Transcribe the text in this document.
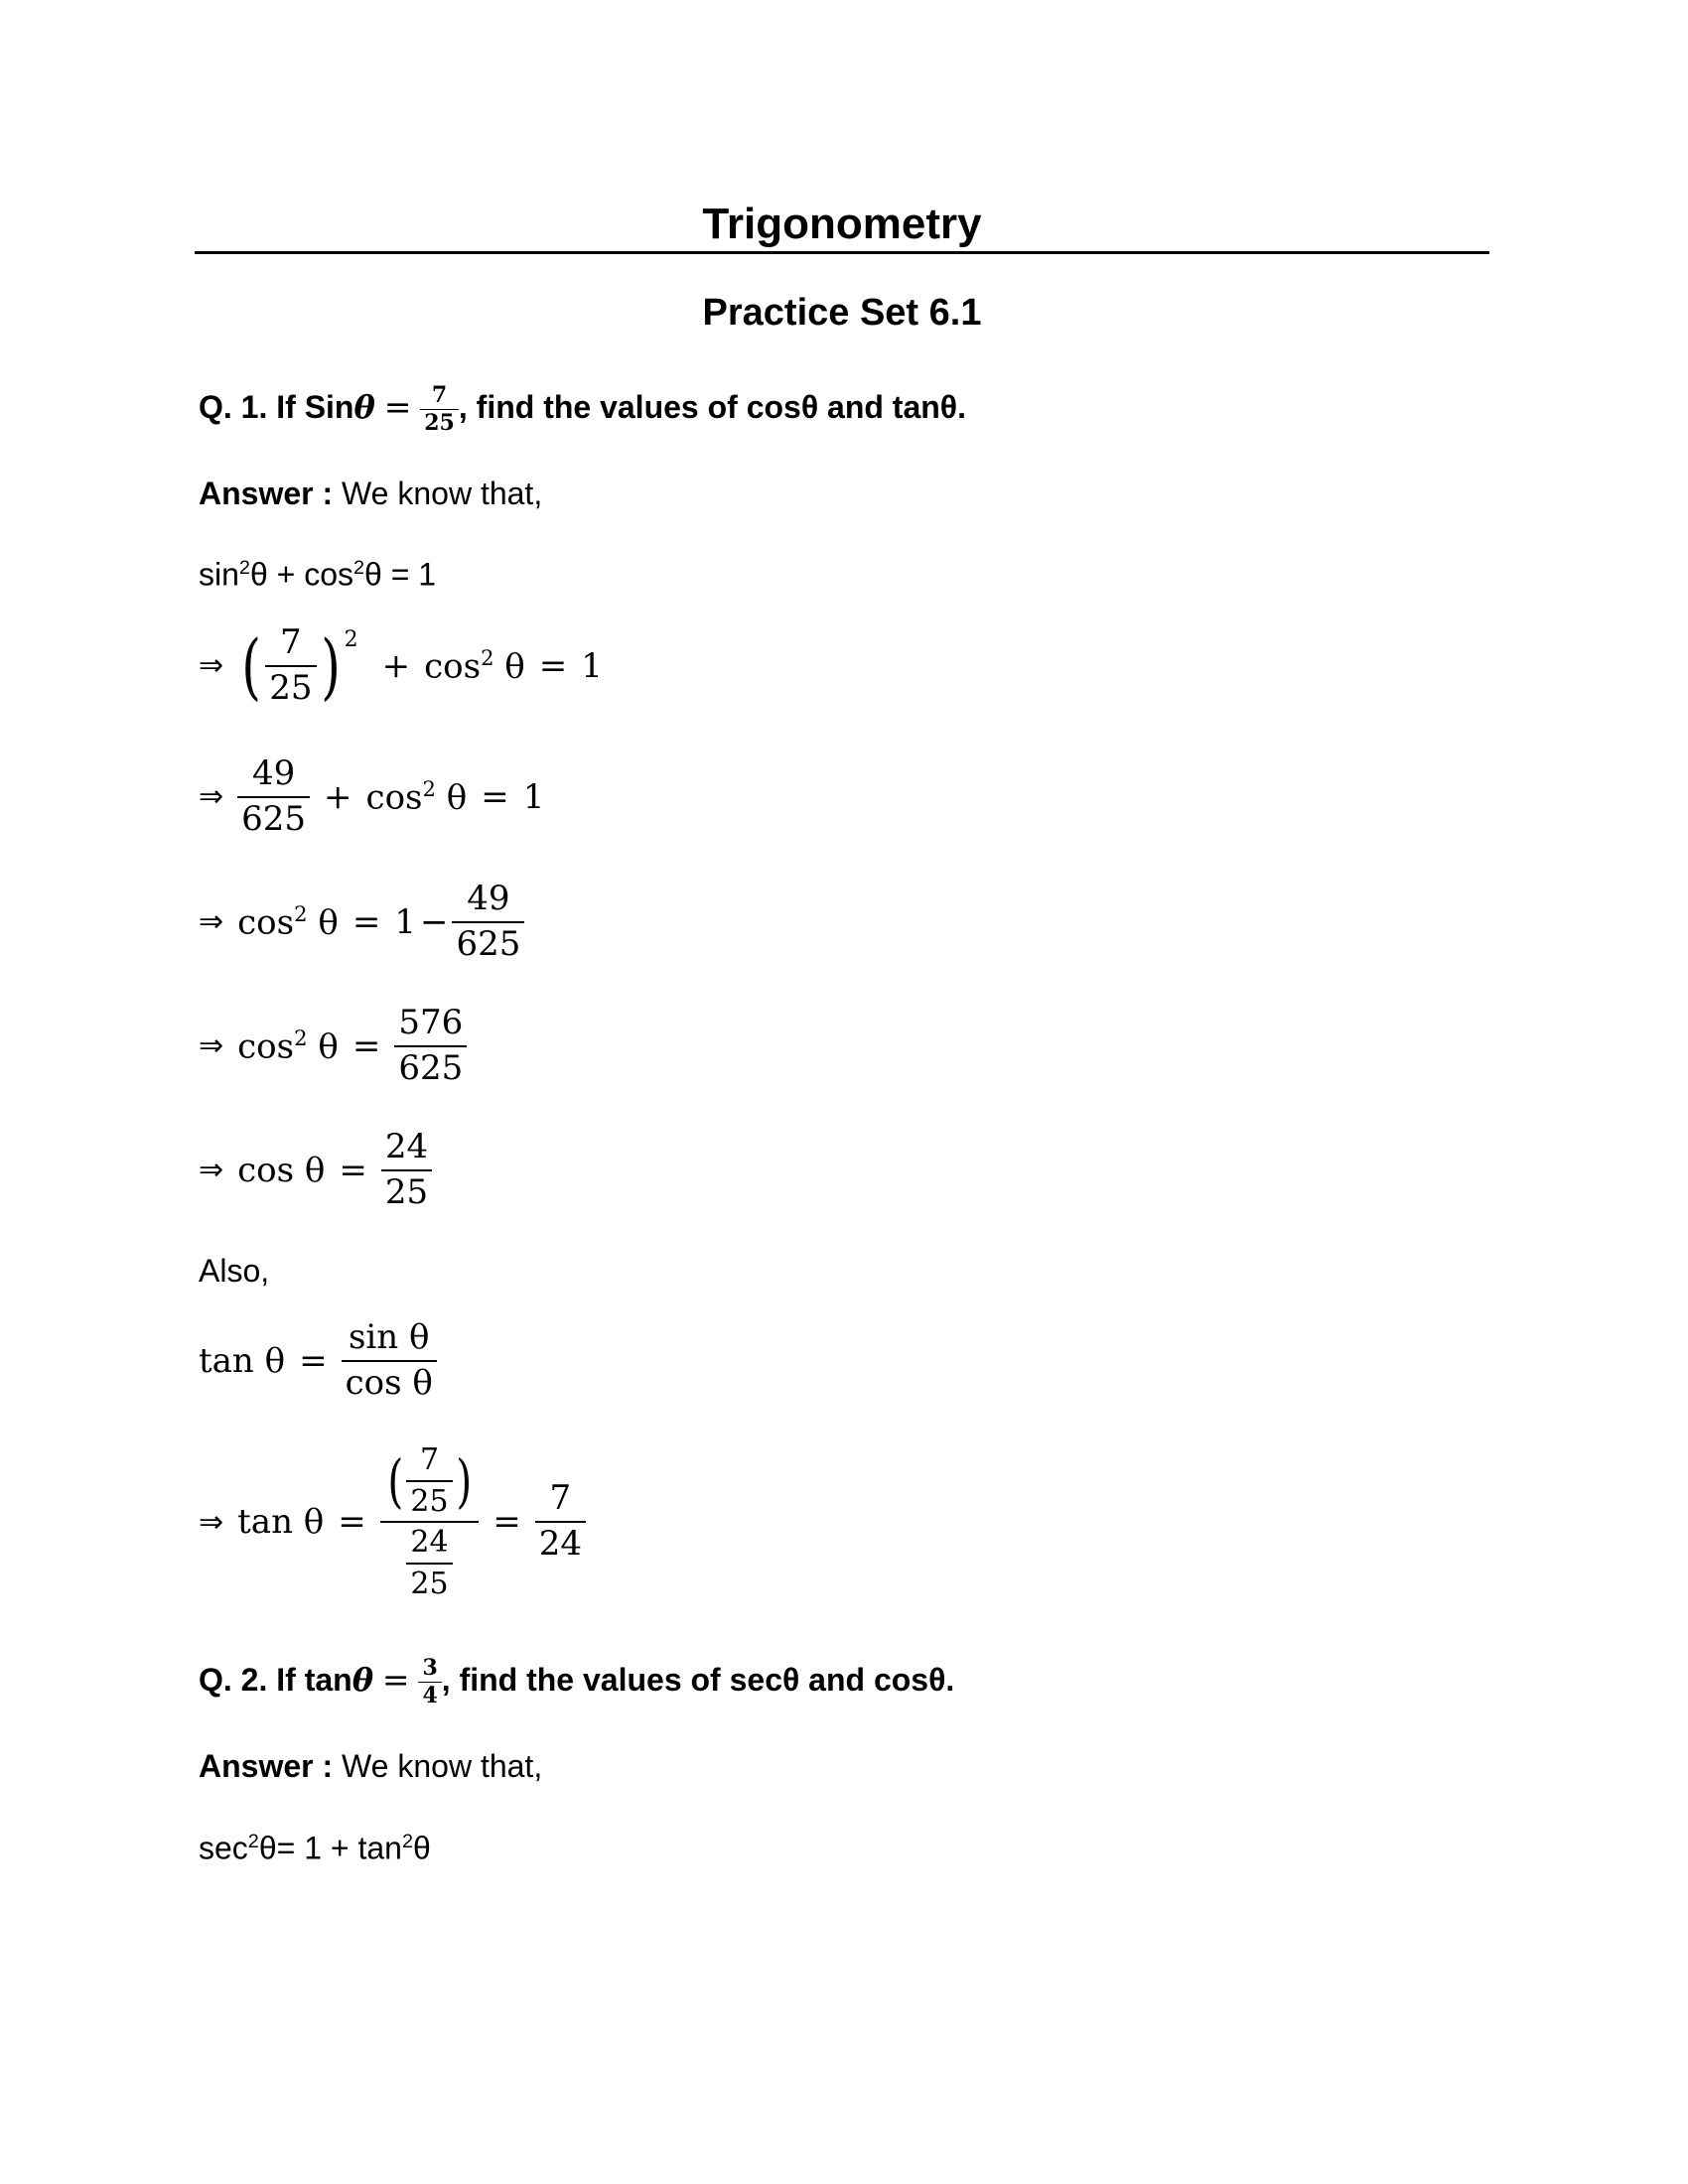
Trigonometry
Practice Set 6.1
Q. 1. If $Sin\theta = \frac{7}{25}$ , find the values of cosθ and tanθ.
Answer : We know that,
$\sin^2\theta + \cos^2\theta = 1$
⇒ ( $\frac{7}{25}$ ) 2
+ $\cos^2 \theta = 1$
⇒ $\frac{49}{625} + \cos^2 \theta = 1$
⇒ $\cos^2 \theta = 1 - \frac{49}{625}$
⇒ $\cos^2 \theta = \frac{576}{625}$
⇒ $\cos \theta = \frac{24}{25}$
Also,
$\tan \theta = \frac{\text{sin θ}}{\text{cos θ}}$
⇒ tan θ =
( $\frac{7}{25}$ )
$\frac{24}{25}$
= $\frac{7}{24}$
Q. 2. If $\tan\theta = \frac{3}{4}$ , find the values of secθ and cosθ.
Answer : We know that,
$\sec^2\theta= 1 + \tan^2\theta$
